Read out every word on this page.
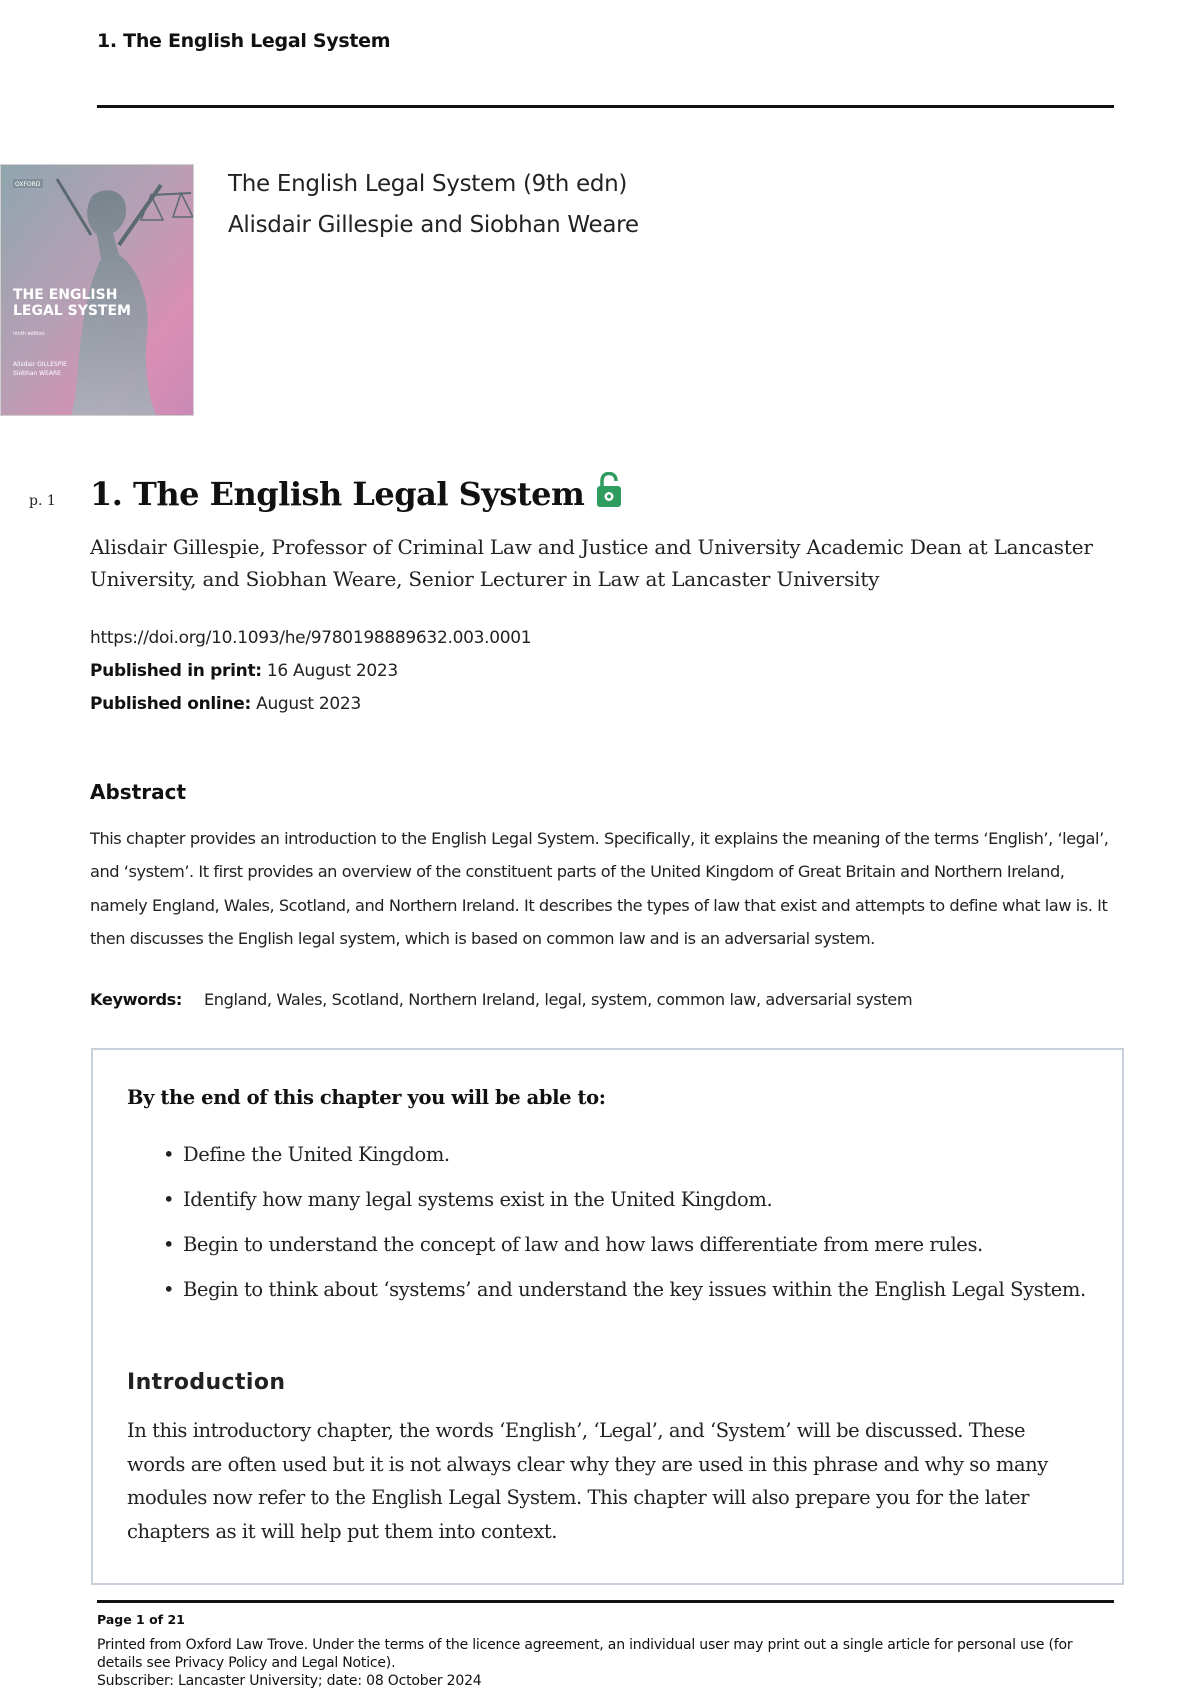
1. The English Legal System
OXFORD
THE ENGLISH
LEGAL SYSTEM
ninth edition
Alisdair GILLESPIE
Siobhan WEARE
The English Legal System (9th edn)
Alisdair Gillespie and Siobhan Weare
p. 1 1. The English Legal System
Alisdair Gillespie, Professor of Criminal Law and Justice and University Academic Dean at Lancaster University, and Siobhan Weare, Senior Lecturer in Law at Lancaster University
https://doi.org/10.1093/he/9780198889632.003.0001
Published in print: 16 August 2023
Published online: August 2023
Abstract
This chapter provides an introduction to the English Legal System. Specifically, it explains the meaning of the terms ‘English’, ‘legal’, and ‘system’. It first provides an overview of the constituent parts of the United Kingdom of Great Britain and Northern Ireland, namely England, Wales, Scotland, and Northern Ireland. It describes the types of law that exist and attempts to define what law is. It then discusses the English legal system, which is based on common law and is an adversarial system.
Keywords: England, Wales, Scotland, Northern Ireland, legal, system, common law, adversarial system
By the end of this chapter you will be able to:
• Define the United Kingdom.
• Identify how many legal systems exist in the United Kingdom.
• Begin to understand the concept of law and how laws differentiate from mere rules.
• Begin to think about ‘systems’ and understand the key issues within the English Legal System.
Introduction
In this introductory chapter, the words ‘English’, ‘Legal’, and ‘System’ will be discussed. These words are often used but it is not always clear why they are used in this phrase and why so many modules now refer to the English Legal System. This chapter will also prepare you for the later chapters as it will help put them into context.
Page 1 of 21
Printed from Oxford Law Trove. Under the terms of the licence agreement, an individual user may print out a single article for personal use (for details see Privacy Policy and Legal Notice).
Subscriber: Lancaster University; date: 08 October 2024
